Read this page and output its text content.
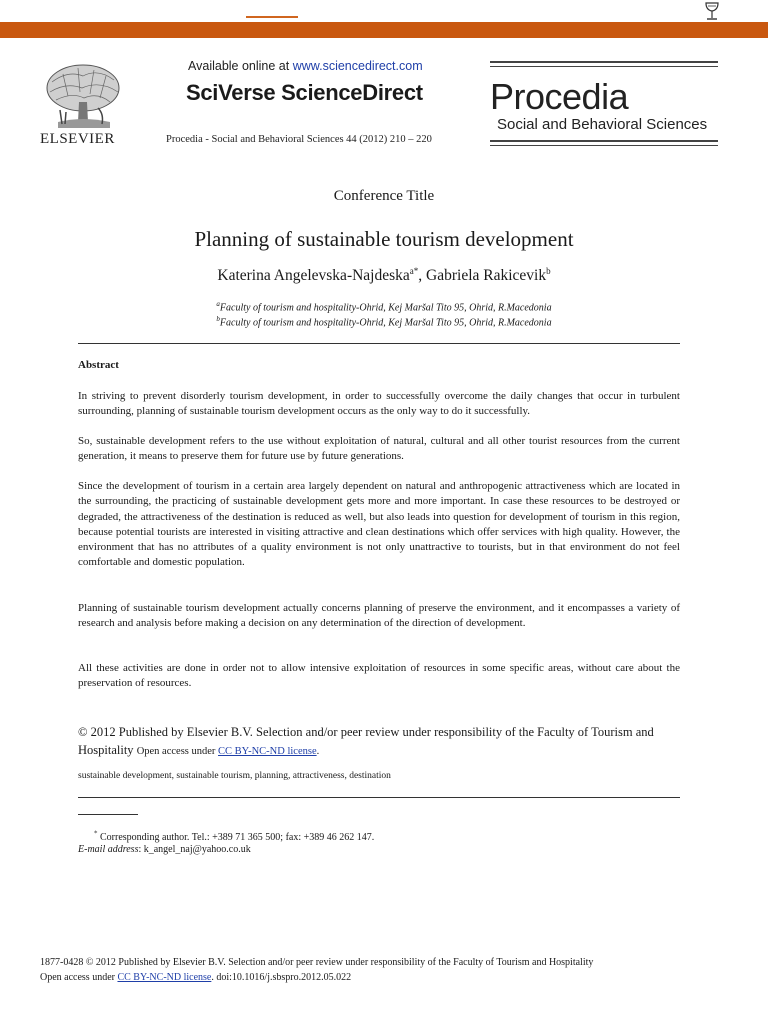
ELSEVIER
Available online at www.sciencedirect.com
SciVerse ScienceDirect
Procedia - Social and Behavioral Sciences 44 (2012) 210 – 220
Procedia
Social and Behavioral Sciences
Conference Title
Planning of sustainable tourism development
Katerina Angelevska-Najdeska$^{a*}$, Gabriela Rakicevik$^b$
$^a$Faculty of tourism and hospitality-Ohrid, Kej Maršal Tito 95, Ohrid, R.Macedonia
$^b$Faculty of tourism and hospitality-Ohrid, Kej Maršal Tito 95, Ohrid, R.Macedonia
Abstract
In striving to prevent disorderly tourism development, in order to successfully overcome the daily changes that occur in turbulent surrounding, planning of sustainable tourism development occurs as the only way to do it successfully.
So, sustainable development refers to the use without exploitation of natural, cultural and all other tourist resources from the current generation, it means to preserve them for future use by future generations.
Since the development of tourism in a certain area largely dependent on natural and anthropogenic attractiveness which are located in the surrounding, the practicing of sustainable development gets more and more important. In case these resources to be destroyed or degraded, the attractiveness of the destination is reduced as well, but also leads into question for development of tourism in this region, because potential tourists are interested in visiting attractive and clean destinations which offer services with high quality. However, the environment that has no attributes of a quality environment is not only unattractive to tourists, but in that environment do not feel comfortable and domestic population.
Planning of sustainable tourism development actually concerns planning of preserve the environment, and it encompasses a variety of research and analysis before making a decision on any determination of the direction of development.
All these activities are done in order not to allow intensive exploitation of resources in some specific areas, without care about the preservation of resources.
© 2012 Published by Elsevier B.V. Selection and/or peer review under responsibility of the Faculty of Tourism and Hospitality Open access under CC BY-NC-ND license.
sustainable development, sustainable tourism, planning, attractiveness, destination
* Corresponding author. Tel.: +389 71 365 500; fax: +389 46 262 147.
E-mail address: k_angel_naj@yahoo.co.uk
1877-0428 © 2012 Published by Elsevier B.V. Selection and/or peer review under responsibility of the Faculty of Tourism and Hospitality
Open access under CC BY-NC-ND license. doi:10.1016/j.sbspro.2012.05.022
